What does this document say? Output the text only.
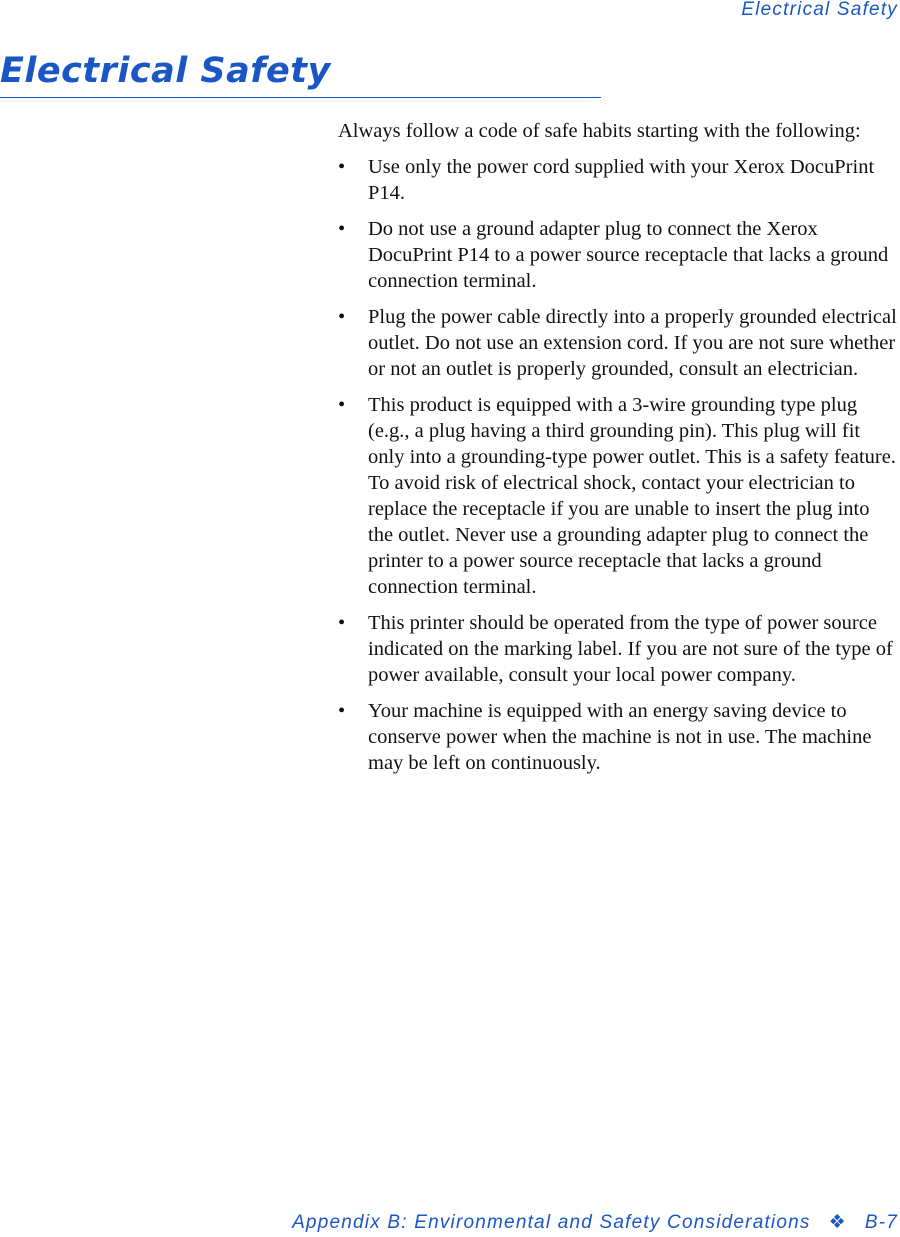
Electrical Safety
Electrical Safety

Always follow a code of safe habits starting with the following:

• Use only the power cord supplied with your Xerox DocuPrint P14.
• Do not use a ground adapter plug to connect the Xerox DocuPrint P14 to a power source receptacle that lacks a ground connection terminal.
• Plug the power cable directly into a properly grounded electrical outlet. Do not use an extension cord. If you are not sure whether or not an outlet is properly grounded, consult an electrician.
• This product is equipped with a 3-wire grounding type plug (e.g., a plug having a third grounding pin). This plug will fit only into a grounding-type power outlet. This is a safety feature. To avoid risk of electrical shock, contact your electrician to replace the receptacle if you are unable to insert the plug into the outlet. Never use a grounding adapter plug to connect the printer to a power source receptacle that lacks a ground connection terminal.
• This printer should be operated from the type of power source indicated on the marking label. If you are not sure of the type of power available, consult your local power company.
• Your machine is equipped with an energy saving device to conserve power when the machine is not in use. The machine may be left on continuously.
Appendix B: Environmental and Safety Considerations ❖ B-7
